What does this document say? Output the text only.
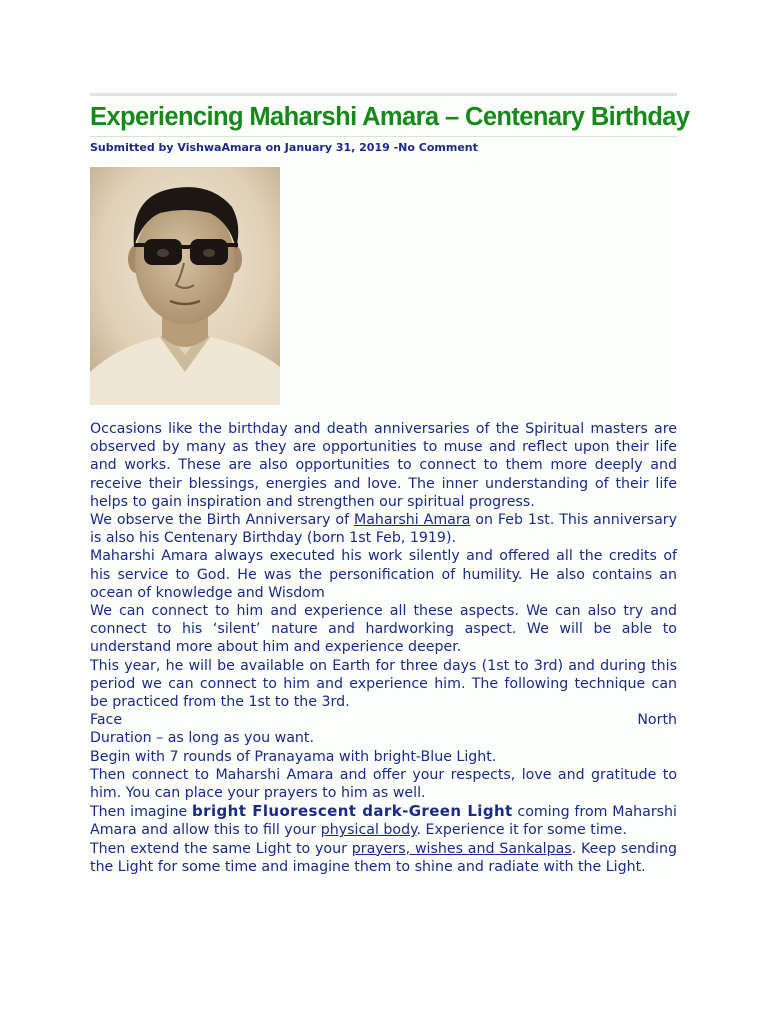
Experiencing Maharshi Amara – Centenary Birthday
Submitted by VishwaAmara on January 31, 2019 -No Comment

Occasions like the birthday and death anniversaries of the Spiritual masters are observed by many as they are opportunities to muse and reflect upon their life and works. These are also opportunities to connect to them more deeply and receive their blessings, energies and love. The inner understanding of their life helps to gain inspiration and strengthen our spiritual progress.

We observe the Birth Anniversary of Maharshi Amara on Feb 1st. This anniversary is also his Centenary Birthday (born 1st Feb, 1919).

Maharshi Amara always executed his work silently and offered all the credits of his service to God. He was the personification of humility. He also contains an ocean of knowledge and Wisdom

We can connect to him and experience all these aspects. We can also try and connect to his ‘silent’ nature and hardworking aspect. We will be able to understand more about him and experience deeper.

This year, he will be available on Earth for three days (1st to 3rd) and during this period we can connect to him and experience him. The following technique can be practiced from the 1st to the 3rd.

Face	North

Duration – as long as you want.

Begin with 7 rounds of Pranayama with bright-Blue Light.

Then connect to Maharshi Amara and offer your respects, love and gratitude to him. You can place your prayers to him as well.

Then imagine bright Fluorescent dark-Green Light coming from Maharshi Amara and allow this to fill your physical body. Experience it for some time.

Then extend the same Light to your prayers, wishes and Sankalpas. Keep sending the Light for some time and imagine them to shine and radiate with the Light.
